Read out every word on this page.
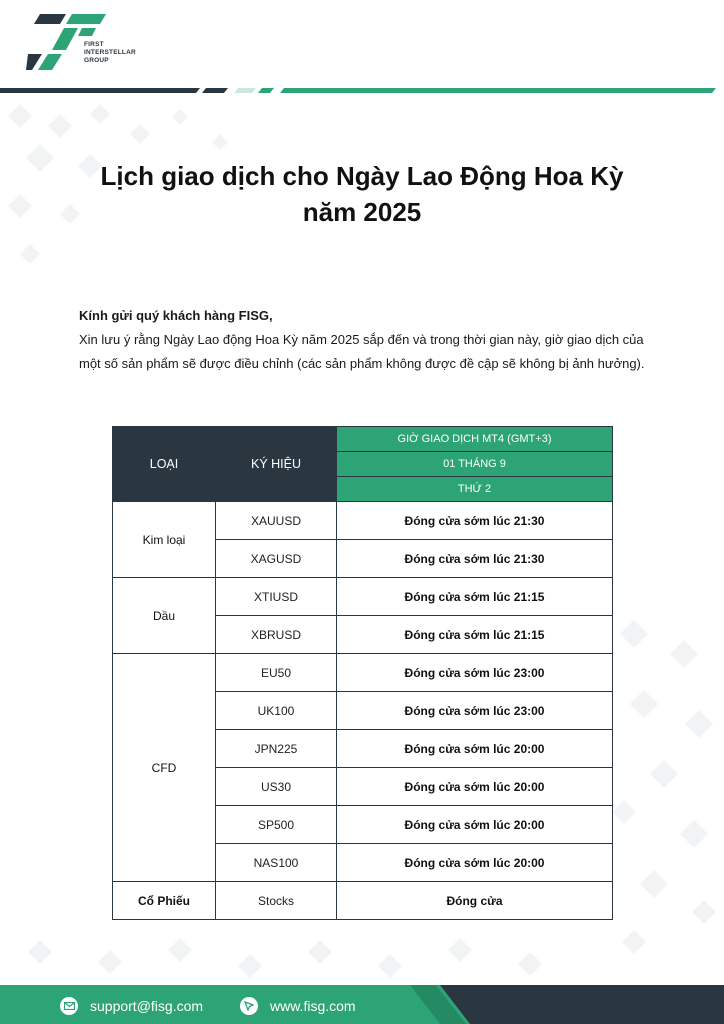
FIRST
INTERSTELLAR
GROUP
Lịch giao dịch cho Ngày Lao Động Hoa Kỳ
năm 2025

Kính gửi quý khách hàng FISG,

Xin lưu ý rằng Ngày Lao động Hoa Kỳ năm 2025 sắp đến và trong thời gian này, giờ giao dịch của một số sản phẩm sẽ được điều chỉnh (các sản phẩm không được đề cập sẽ không bị ảnh hưởng).

LOẠI	KÝ HIỆU	GIỜ GIAO DỊCH MT4 (GMT+3)
		01 THÁNG 9
		THỨ 2
Kim loại	XAUUSD	Đóng cửa sớm lúc 21:30
	XAGUSD	Đóng cửa sớm lúc 21:30
Dầu	XTIUSD	Đóng cửa sớm lúc 21:15
	XBRUSD	Đóng cửa sớm lúc 21:15
CFD	EU50	Đóng cửa sớm lúc 23:00
	UK100	Đóng cửa sớm lúc 23:00
	JPN225	Đóng cửa sớm lúc 20:00
	US30	Đóng cửa sớm lúc 20:00
	SP500	Đóng cửa sớm lúc 20:00
	NAS100	Đóng cửa sớm lúc 20:00
Cổ Phiếu	Stocks	Đóng cửa
support@fisg.com	www.fisg.com
